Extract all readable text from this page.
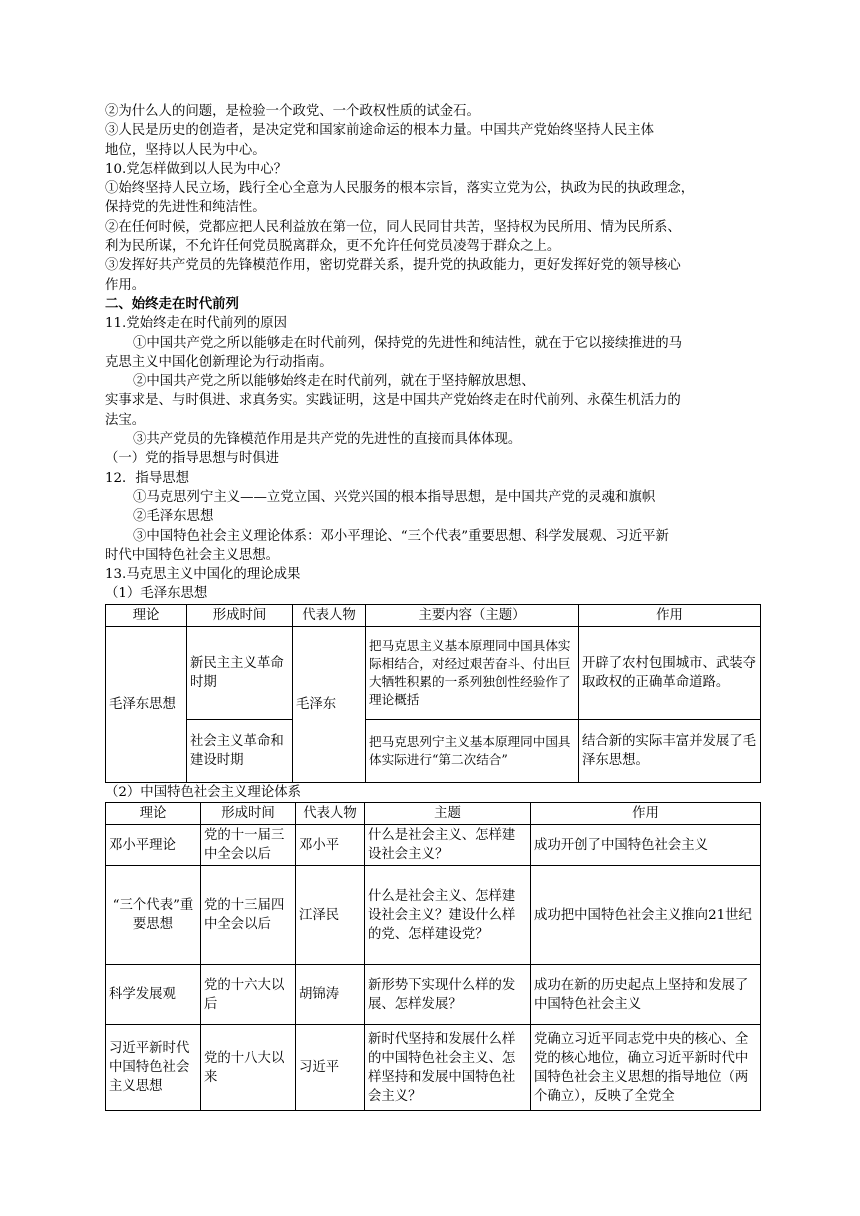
②为什么人的问题，是检验一个政党、一个政权性质的试金石。
③人民是历史的创造者，是决定党和国家前途命运的根本力量。中国共产党始终坚持人民主体
地位，坚持以人民为中心。
10.党怎样做到以人民为中心？
①始终坚持人民立场，践行全心全意为人民服务的根本宗旨，落实立党为公，执政为民的执政理念，
保持党的先进性和纯洁性。
②在任何时候，党都应把人民利益放在第一位，同人民同甘共苦，坚持权为民所用、情为民所系、
利为民所谋，不允许任何党员脱离群众，更不允许任何党员凌驾于群众之上。
③发挥好共产党员的先锋模范作用，密切党群关系，提升党的执政能力，更好发挥好党的领导核心
作用。
二、始终走在时代前列
11.党始终走在时代前列的原因
①中国共产党之所以能够走在时代前列，保持党的先进性和纯洁性，就在于它以接续推进的马
克思主义中国化创新理论为行动指南。
②中国共产党之所以能够始终走在时代前列，就在于坚持解放思想、
实事求是、与时俱进、求真务实。实践证明，这是中国共产党始终走在时代前列、永葆生机活力的
法宝。
③共产党员的先锋模范作用是共产党的先进性的直接而具体体现。
（一）党的指导思想与时俱进
12．指导思想
①马克思列宁主义——立党立国、兴党兴国的根本指导思想，是中国共产党的灵魂和旗帜
②毛泽东思想
③中国特色社会主义理论体系：邓小平理论、“三个代表”重要思想、科学发展观、习近平新
时代中国特色社会主义思想。
13.马克思主义中国化的理论成果
（1）毛泽东思想
理论	形成时间	代表人物	主要内容（主题）	作用
毛泽东思想	新民主主义革命时期	毛泽东	把马克思主义基本原理同中国具体实际相结合，对经过艰苦奋斗、付出巨大牺牲积累的一系列独创性经验作了理论概括	开辟了农村包围城市、武装夺取政权的正确革命道路。
	社会主义革命和建设时期		把马克思列宁主义基本原理同中国具体实际进行“第二次结合”	结合新的实际丰富并发展了毛泽东思想。
（2）中国特色社会主义理论体系
理论	形成时间	代表人物	主题	作用
邓小平理论	党的十一届三中全会以后	邓小平	什么是社会主义、怎样建设社会主义？	成功开创了中国特色社会主义
“三个代表”重要思想	党的十三届四中全会以后	江泽民	什么是社会主义、怎样建设社会主义？建设什么样的党、怎样建设党？	成功把中国特色社会主义推向21世纪
科学发展观	党的十六大以后	胡锦涛	新形势下实现什么样的发展、怎样发展？	成功在新的历史起点上坚持和发展了中国特色社会主义
习近平新时代中国特色社会主义思想	党的十八大以来	习近平	新时代坚持和发展什么样的中国特色社会主义、怎样坚持和发展中国特色社会主义？	党确立习近平同志党中央的核心、全党的核心地位，确立习近平新时代中国特色社会主义思想的指导地位（两个确立），反映了全党全
